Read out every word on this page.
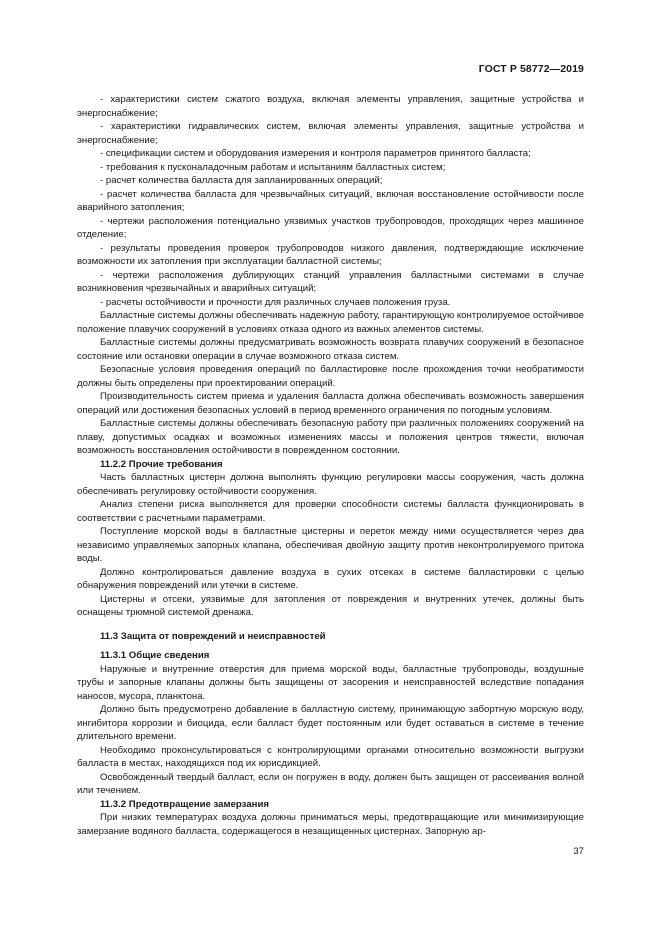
ГОСТ Р 58772—2019

- характеристики систем сжатого воздуха, включая элементы управления, защитные устройства и энергоснабжение;

- характеристики гидравлических систем, включая элементы управления, защитные устройства и энергоснабжение;

- спецификации систем и оборудования измерения и контроля параметров принятого балласта;

- требования к пусконаладочным работам и испытаниям балластных систем;

- расчет количества балласта для запланированных операций;

- расчет количества балласта для чрезвычайных ситуаций, включая восстановление остойчивости после аварийного затопления;

- чертежи расположения потенциально уязвимых участков трубопроводов, проходящих через машинное отделение;

- результаты проведения проверок трубопроводов низкого давления, подтверждающие исключение возможности их затопления при эксплуатации балластной системы;

- чертежи расположения дублирующих станций управления балластными системами в случае возникновения чрезвычайных и аварийных ситуаций;

- расчеты остойчивости и прочности для различных случаев положения груза.

Балластные системы должны обеспечивать надежную работу, гарантирующую контролируемое остойчивое положение плавучих сооружений в условиях отказа одного из важных элементов системы.

Балластные системы должны предусматривать возможность возврата плавучих сооружений в безопасное состояние или остановки операции в случае возможного отказа систем.

Безопасные условия проведения операций по балластировке после прохождения точки необратимости должны быть определены при проектировании операций.

Производительность систем приема и удаления балласта должна обеспечивать возможность завершения операций или достижения безопасных условий в период временного ограничения по погодным условиям.

Балластные системы должны обеспечивать безопасную работу при различных положениях сооружений на плаву, допустимых осадках и возможных изменениях массы и положения центров тяжести, включая возможность восстановления остойчивости в поврежденном состоянии.

11.2.2 Прочие требования

Часть балластных цистерн должна выполнять функцию регулировки массы сооружения, часть должна обеспечивать регулировку остойчивости сооружения.

Анализ степени риска выполняется для проверки способности системы балласта функционировать в соответствии с расчетными параметрами.

Поступление морской воды в балластные цистерны и переток между ними осуществляется через два независимо управляемых запорных клапана, обеспечивая двойную защиту против неконтролируемого притока воды.

Должно контролироваться давление воздуха в сухих отсеках в системе балластировки с целью обнаружения повреждений или утечки в системе.

Цистерны и отсеки, уязвимые для затопления от повреждения и внутренних утечек, должны быть оснащены трюмной системой дренажа.

11.3 Защита от повреждений и неисправностей

11.3.1 Общие сведения

Наружные и внутренние отверстия для приема морской воды, балластные трубопроводы, воздушные трубы и запорные клапаны должны быть защищены от засорения и неисправностей вследствие попадания наносов, мусора, планктона.

Должно быть предусмотрено добавление в балластную систему, принимающую забортную морскую воду, ингибитора коррозии и биоцида, если балласт будет постоянным или будет оставаться в системе в течение длительного времени.

Необходимо проконсультироваться с контролирующими органами относительно возможности выгрузки балласта в местах, находящихся под их юрисдикцией.

Освобожденный твердый балласт, если он погружен в воду, должен быть защищен от рассеивания волной или течением.

11.3.2 Предотвращение замерзания

При низких температурах воздуха должны приниматься меры, предотвращающие или минимизирующие замерзание водяного балласта, содержащегося в незащищенных цистернах. Запорную ар-

37
